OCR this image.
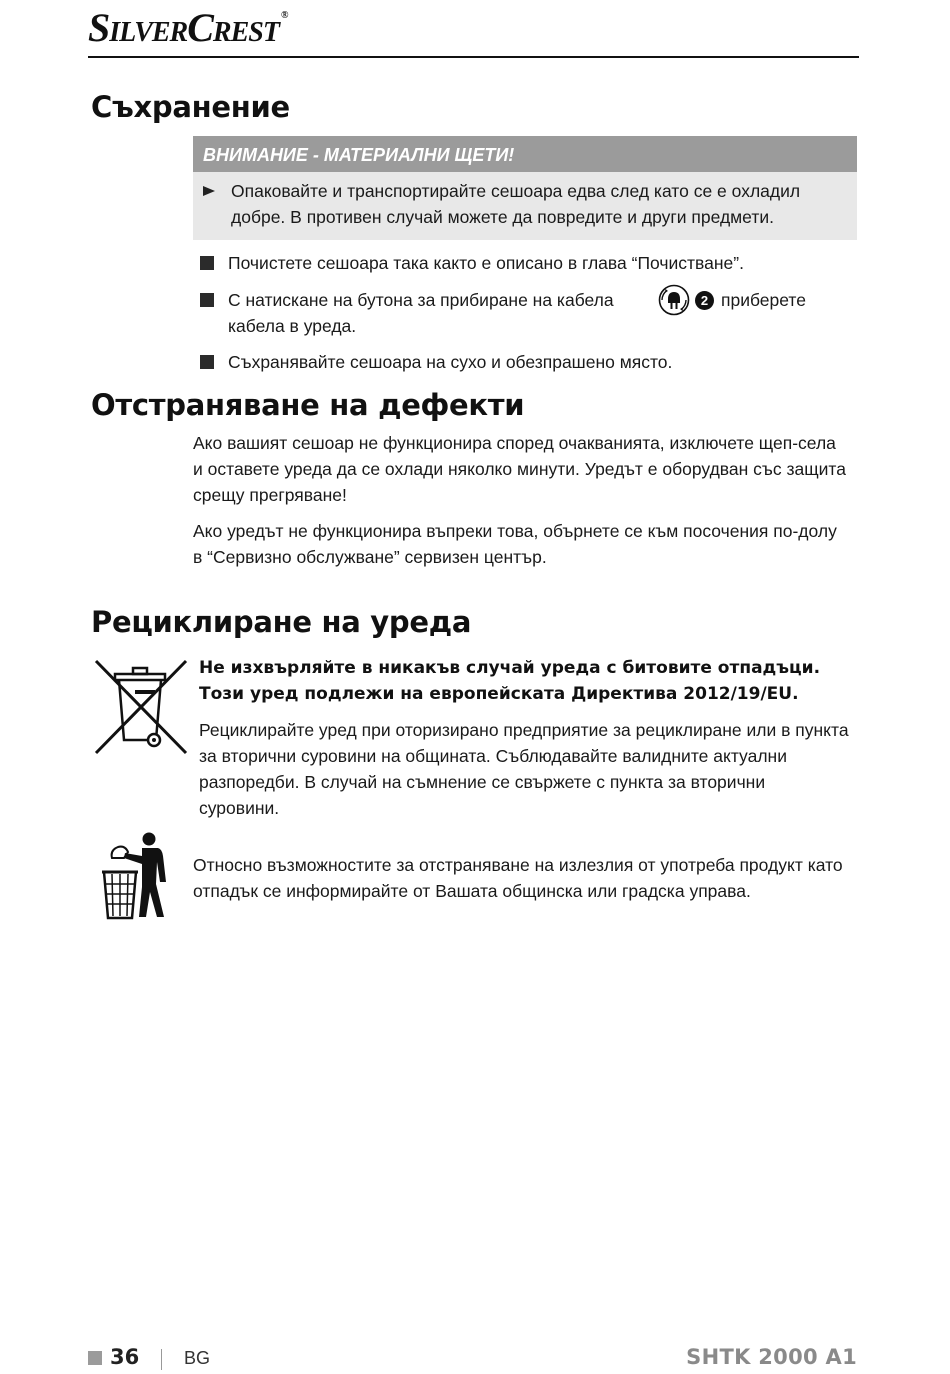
SilverCrest ®
Съхранение
ВНИМАНИЕ - МАТЕРИАЛНИ ЩЕТИ!

Опаковайте и транспортирайте сешоара едва след като се е охладил добре. В противен случай можете да повредите и други предмети.

Почистете сешоара така както е описано в глава “Почистване”.

С натискане на бутона за прибиране на кабела	2 приберете

кабела в уреда.

Съхранявайте сешоара на сухо и обезпрашено място.

Отстраняване на дефекти

Ако вашият сешоар не функционира според очакванията, изключете щеп-села и оставете уреда да се охлади няколко минути. Уредът е оборудван със защита срещу прегряване!

Ако уредът не функционира въпреки това, обърнете се към посочения по-долу в “Сервизно обслужване” сервизен център.

Рециклиране на уреда

Не изхвърляйте в никакъв случай уреда с битовите отпадъци.

Този уред подлежи на европейската Директива 2012/19/EU.

Рециклирайте уред при оторизирано предприятие за рециклиране или в пункта за вторични суровини на общината. Съблюдавайте валидните актуални разпоредби. В случай на съмнение се свържете с пункта за вторични суровини.

Относно възможностите за отстраняване на излезлия от употреба продукт като отпадък се информирайте от Вашата общинска или градска управа.

36 BG	SHTK 2000 A1
